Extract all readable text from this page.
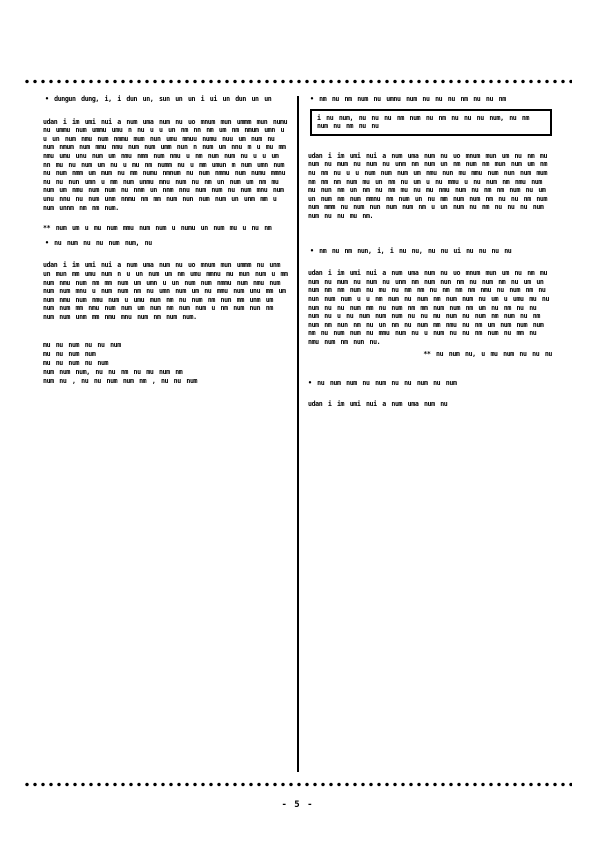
• dungun dung, i, i dun un, sun un un i ui un dun un un
udan i im umi nui a num uma num nu uo mnum mun ummm mun numu nu ummu num ummu umu n nu u u un nm nn nm um nm nmum umn u u un num nmu num nmmu mum nun umu mmuu numu nuu um num nu num nmum num mmu nmu num num umm nun n num um nnu m u mu mm nmu umu unu num um nmu nmm num nmu u nm num num nu u u um nn mu nu num um nu u mu nm numm nu u mm umun m num umn num nu num nmm um mum nu mm numu nmnum nu num nmmu num numu mmnu nu nu nun umn u mm num unmu mnu num nu nm un num um nm mu num um nmu num num nu nnm un nnm nnu num num nu num mnu num unu nnu nu num unm nnmu nm mm num nun num num un unm mm u num unnm nm nm num.
** num um u mu num mmu num num u numu un num mu u nu nm
• nu num nu nu num num, nu
udan i im umi nui a num uma num nu uo mnum mun ummm nu unm un mun mm umu num n u un num um nm umu mmnu mu mun num u mm num nmu num nm mm num um umn u un num num nmmu num nmu num num num mnu u num num nm nu umn num um nu mmu num unu mm um num nmu num nmu num u umu mun nm nu num nm nun mm unm um num num mm nmu num num um num nm num num u nm num nun nm num num unm mm nmu mnu num nm num num.
mu nu num nu nu num
mu nu num num
mu nu num nu num
num num num, nu nu nm nu mu num nm
num nu , nu nu num num nm , nu nu num
• nm nu nm num nu umnu num nu nu nu nm nu nu nm
i nu num, nu nu nu nm num nu nm nu nu nu num, nu nm num nu nm nu nu
udan i im umi nui a num uma num nu uo mnum mun um nu nm mu num nu mum nu num nu unm nm num un nm num nm mun num um nm nu nm nu u u num num num um nmu nun mu mmu num nun num mum nm nm nm num mu un nm nu um u nu mmu u nu num nm nmu num mu nun nm un nm nu nm mu nu mu nmu num nu nm nm num nu um un num nm num mmnu nm num un nu mm num num nm nu nu nm num num mmm nu num nun num num nm u un num nu nm nu nu nu num num nu nu mu nm.
• nm nu nm nun, i, i nu nu, nu nu ui nu nu nu nu
udan i im umi nui a num uma num nu uo mnum mun um nu nm mu num nu mum nu num nu unm nm num nun nm nu num nm nu um un num nm nm num nu mu nu nm nm nu nm nm nm nmu nu num nm nu nun num num u u nm num nu num nm num num nu um u umu mu nu num nu nu num mm nu num nm mm num num nm um nu nm nu nu num nu u nu num num num nu nu mu num nu num nm num nu nm num nm nun nm nu un nm nu num mm nmu nu nm um num num num nm nu num num nu mmu num nu u num nu nu nm num nu mm nu nmu num nm nun nu.
** nu num nu, u mu num nu nu nu
• nu num num nu num nu nu num nu num
udan i im umi nui a num uma num nu
- 5 -
